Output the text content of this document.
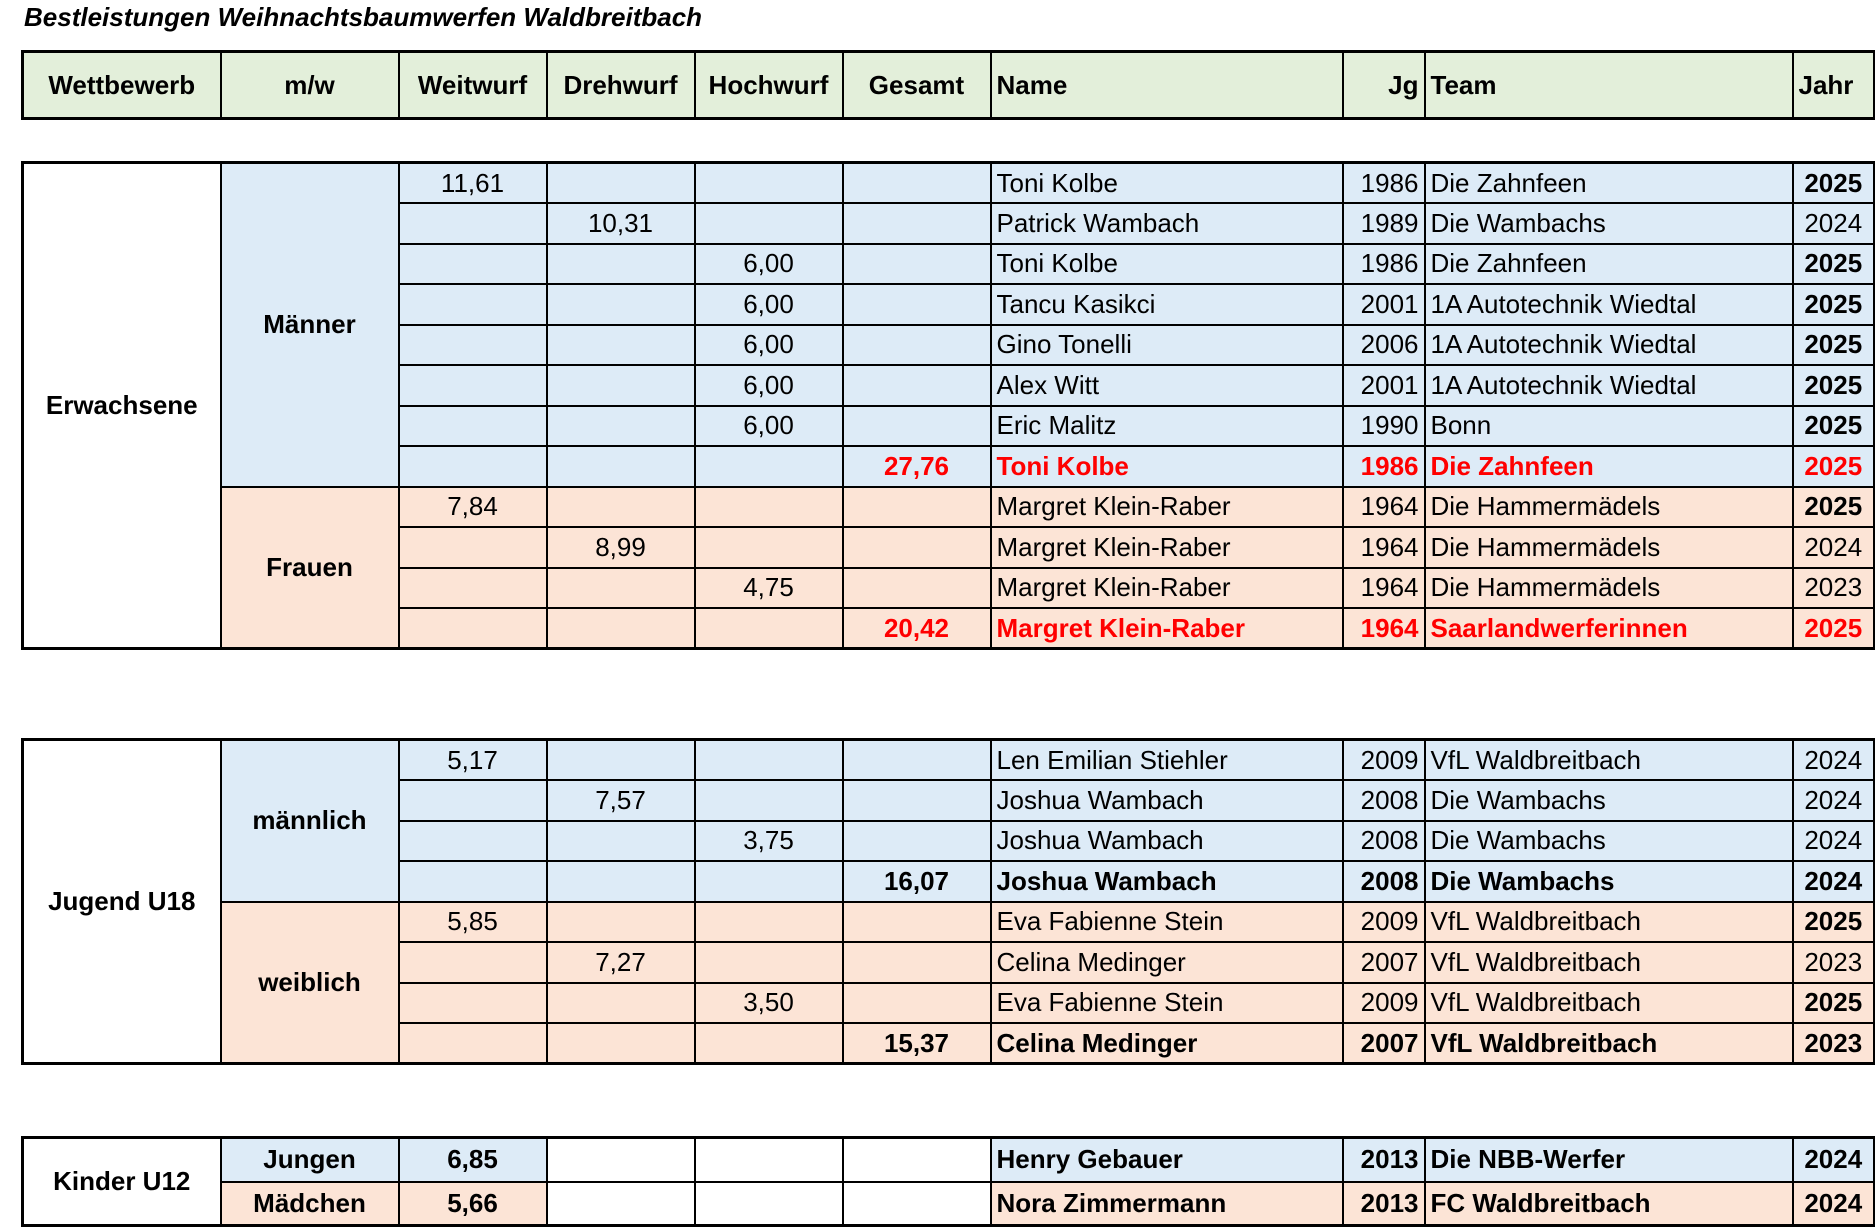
Bestleistungen Weihnachtsbaumwerfen Waldbreitbach
Wettbewerb	m/w	Weitwurf	Drehwurf	Hochwurf	Gesamt	Name	Jg	Team	Jahr
Erwachsene	Männer	11,61				Toni Kolbe	1986	Die Zahnfeen	2025
			10,31			Patrick Wambach	1989	Die Wambachs	2024
				6,00		Toni Kolbe	1986	Die Zahnfeen	2025
				6,00		Tancu Kasikci	2001	1A Autotechnik Wiedtal	2025
				6,00		Gino Tonelli	2006	1A Autotechnik Wiedtal	2025
				6,00		Alex Witt	2001	1A Autotechnik Wiedtal	2025
				6,00		Eric Malitz	1990	Bonn	2025
					27,76	Toni Kolbe	1986	Die Zahnfeen	2025
	Frauen	7,84				Margret Klein-Raber	1964	Die Hammermädels	2025
			8,99			Margret Klein-Raber	1964	Die Hammermädels	2024
				4,75		Margret Klein-Raber	1964	Die Hammermädels	2023
					20,42	Margret Klein-Raber	1964	Saarlandwerferinnen	2025
Jugend U18	männlich	5,17				Len Emilian Stiehler	2009	VfL Waldbreitbach	2024
			7,57			Joshua Wambach	2008	Die Wambachs	2024
				3,75		Joshua Wambach	2008	Die Wambachs	2024
					16,07	Joshua Wambach	2008	Die Wambachs	2024
	weiblich	5,85				Eva Fabienne Stein	2009	VfL Waldbreitbach	2025
			7,27			Celina Medinger	2007	VfL Waldbreitbach	2023
				3,50		Eva Fabienne Stein	2009	VfL Waldbreitbach	2025
					15,37	Celina Medinger	2007	VfL Waldbreitbach	2023
Kinder U12	Jungen	6,85				Henry Gebauer	2013	Die NBB-Werfer	2024
	Mädchen	5,66				Nora Zimmermann	2013	FC Waldbreitbach	2024
